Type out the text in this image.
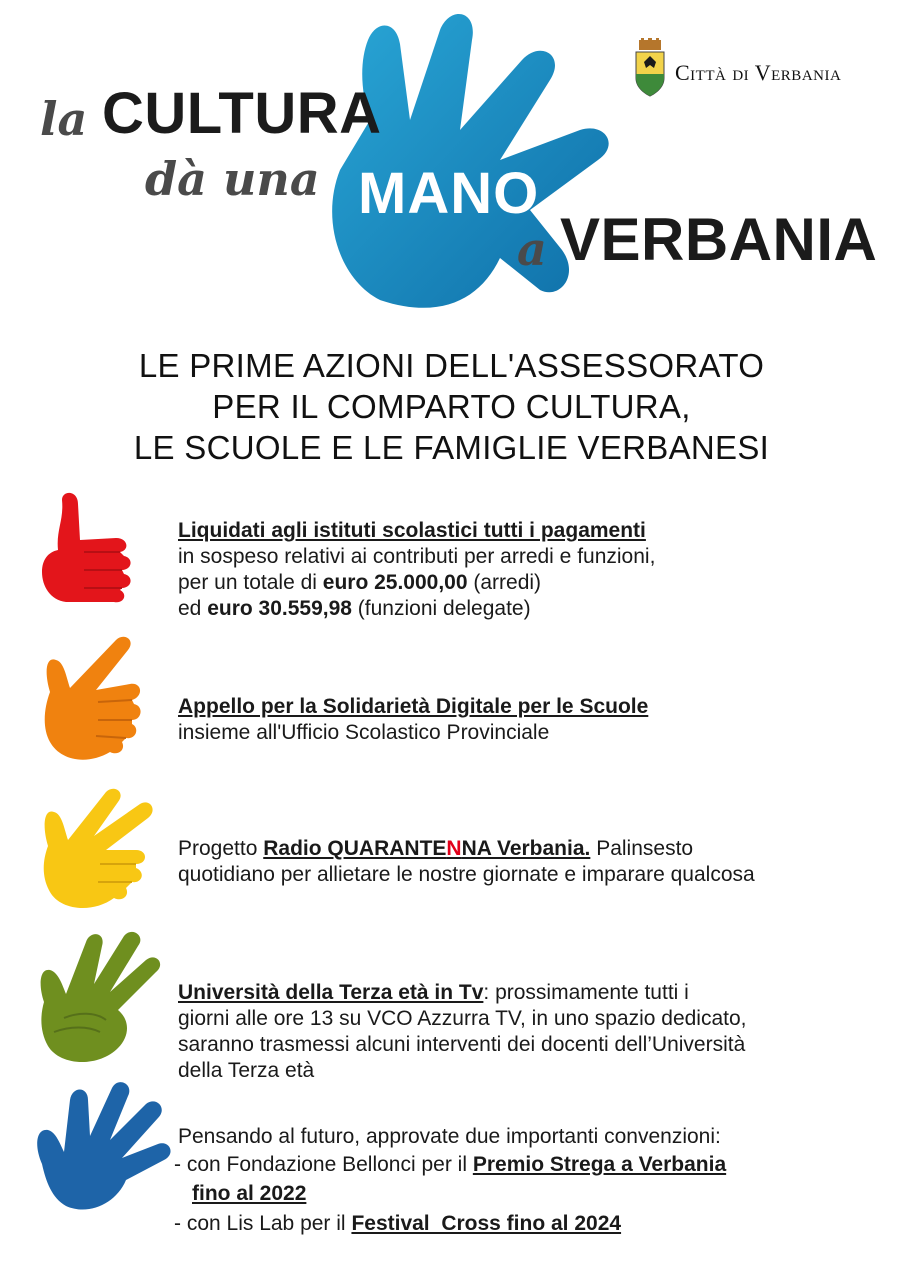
la CULTURA
dà una MANO
a VERBANIA
Città di Verbania
LE PRIME AZIONI DELL'ASSESSORATO
PER IL COMPARTO CULTURA,
LE SCUOLE E LE FAMIGLIE VERBANESI
Liquidati agli istituti scolastici tutti i pagamenti
in sospeso relativi ai contributi per arredi e funzioni,
per un totale di euro 25.000,00 (arredi)
ed euro 30.559,98 (funzioni delegate)
Appello per la Solidarietà Digitale per le Scuole
insieme all'Ufficio Scolastico Provinciale
Progetto Radio QUARANTENNA Verbania. Palinsesto
quotidiano per allietare le nostre giornate e imparare qualcosa
Università della Terza età in Tv: prossimamente tutti i
giorni alle ore 13 su VCO Azzurra TV, in uno spazio dedicato,
saranno trasmessi alcuni interventi dei docenti dell’Università
della Terza età
Pensando al futuro, approvate due importanti convenzioni:
- con Fondazione Bellonci per il Premio Strega a Verbania
fino al 2022
- con Lis Lab per il Festival  Cross fino al 2024
